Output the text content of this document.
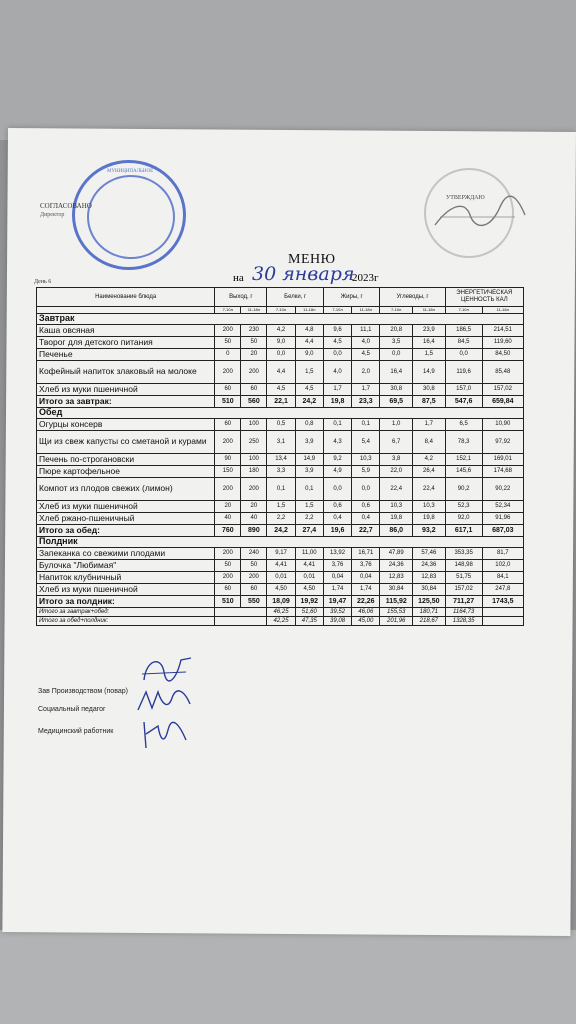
МУНИЦИПАЛЬНОЕ
СОГЛАСОВАНО
Директор
УТВЕРЖДАЮ
МЕНЮ
на 30 января
2023г
День 6
Наименование блюда	Выход, г		Белки, г		Жиры, г		Углеводы, г		ЭНЕРГЕТИЧЕСКАЯ ЦЕННОСТЬ КАЛ	
	7-10л	11-18л	7-10л	11-18л	7-10л	11-18л	7-10л	11-18л	7-10л	11-18л
Завтрак										
Каша овсяная	200	230	4,2	4,8	9,6	11,1	20,8	23,9	186,5	214,51
Творог для детского питания	50	50	9,0	4,4	4,5	4,0	3,5	16,4	84,5	119,60
Печенье	0	20	0,0	9,0	0,0	4,5	0,0	1,5	0,0	84,50
Кофейный напиток злаковый на молоке	200	200	4,4	1,5	4,0	2,0	16,4	14,9	119,6	85,48
Хлеб из муки пшеничной	60	60	4,5	4,5	1,7	1,7	30,8	30,8	157,0	157,02
Итого за завтрак:	510	560	22,1	24,2	19,8	23,3	69,5	87,5	547,6	659,84
Обед										
Огурцы консерв	60	100	0,5	0,8	0,1	0,1	1,0	1,7	6,5	10,90
Щи из свеж капусты со сметаной и курами	200	250	3,1	3,9	4,3	5,4	6,7	8,4	78,3	97,92
Печень по-строгановски	90	100	13,4	14,9	9,2	10,3	3,8	4,2	152,1	169,01
Пюре картофельное	150	180	3,3	3,9	4,9	5,9	22,0	26,4	145,6	174,68
Компот из плодов свежих (лимон)	200	200	0,1	0,1	0,0	0,0	22,4	22,4	90,2	90,22
Хлеб из муки пшеничной	20	20	1,5	1,5	0,6	0,6	10,3	10,3	52,3	52,34
Хлеб ржано-пшеничный	40	40	2,2	2,2	0,4	0,4	19,8	19,8	92,0	91,96
Итого за обед:	760	890	24,2	27,4	19,6	22,7	86,0	93,2	617,1	687,03
Полдник										
Запеканка со свежими плодами	200	240	9,17	11,00	13,92	16,71	47,89	57,46	353,35	81,7
Булочка "Любимая"	50	50	4,41	4,41	3,76	3,76	24,36	24,36	148,98	102,0
Напиток клубничный	200	200	0,01	0,01	0,04	0,04	12,83	12,83	51,75	84,1
Хлеб из муки пшеничной	60	60	4,50	4,50	1,74	1,74	30,84	30,84	157,02	247,8
Итого за полдник:	510	550	18,09	19,92	19,47	22,26	115,92	125,50	711,27	1743,5
Итого за завтрак+обед:			46,25	51,60	39,52	46,06	155,53	180,71	1164,73	
Итого за обед+полдник:			42,25	47,35	39,08	45,00	201,96	218,67	1328,35	
Зав Производством (повар)
Социальный педагог
Медицинский работник
